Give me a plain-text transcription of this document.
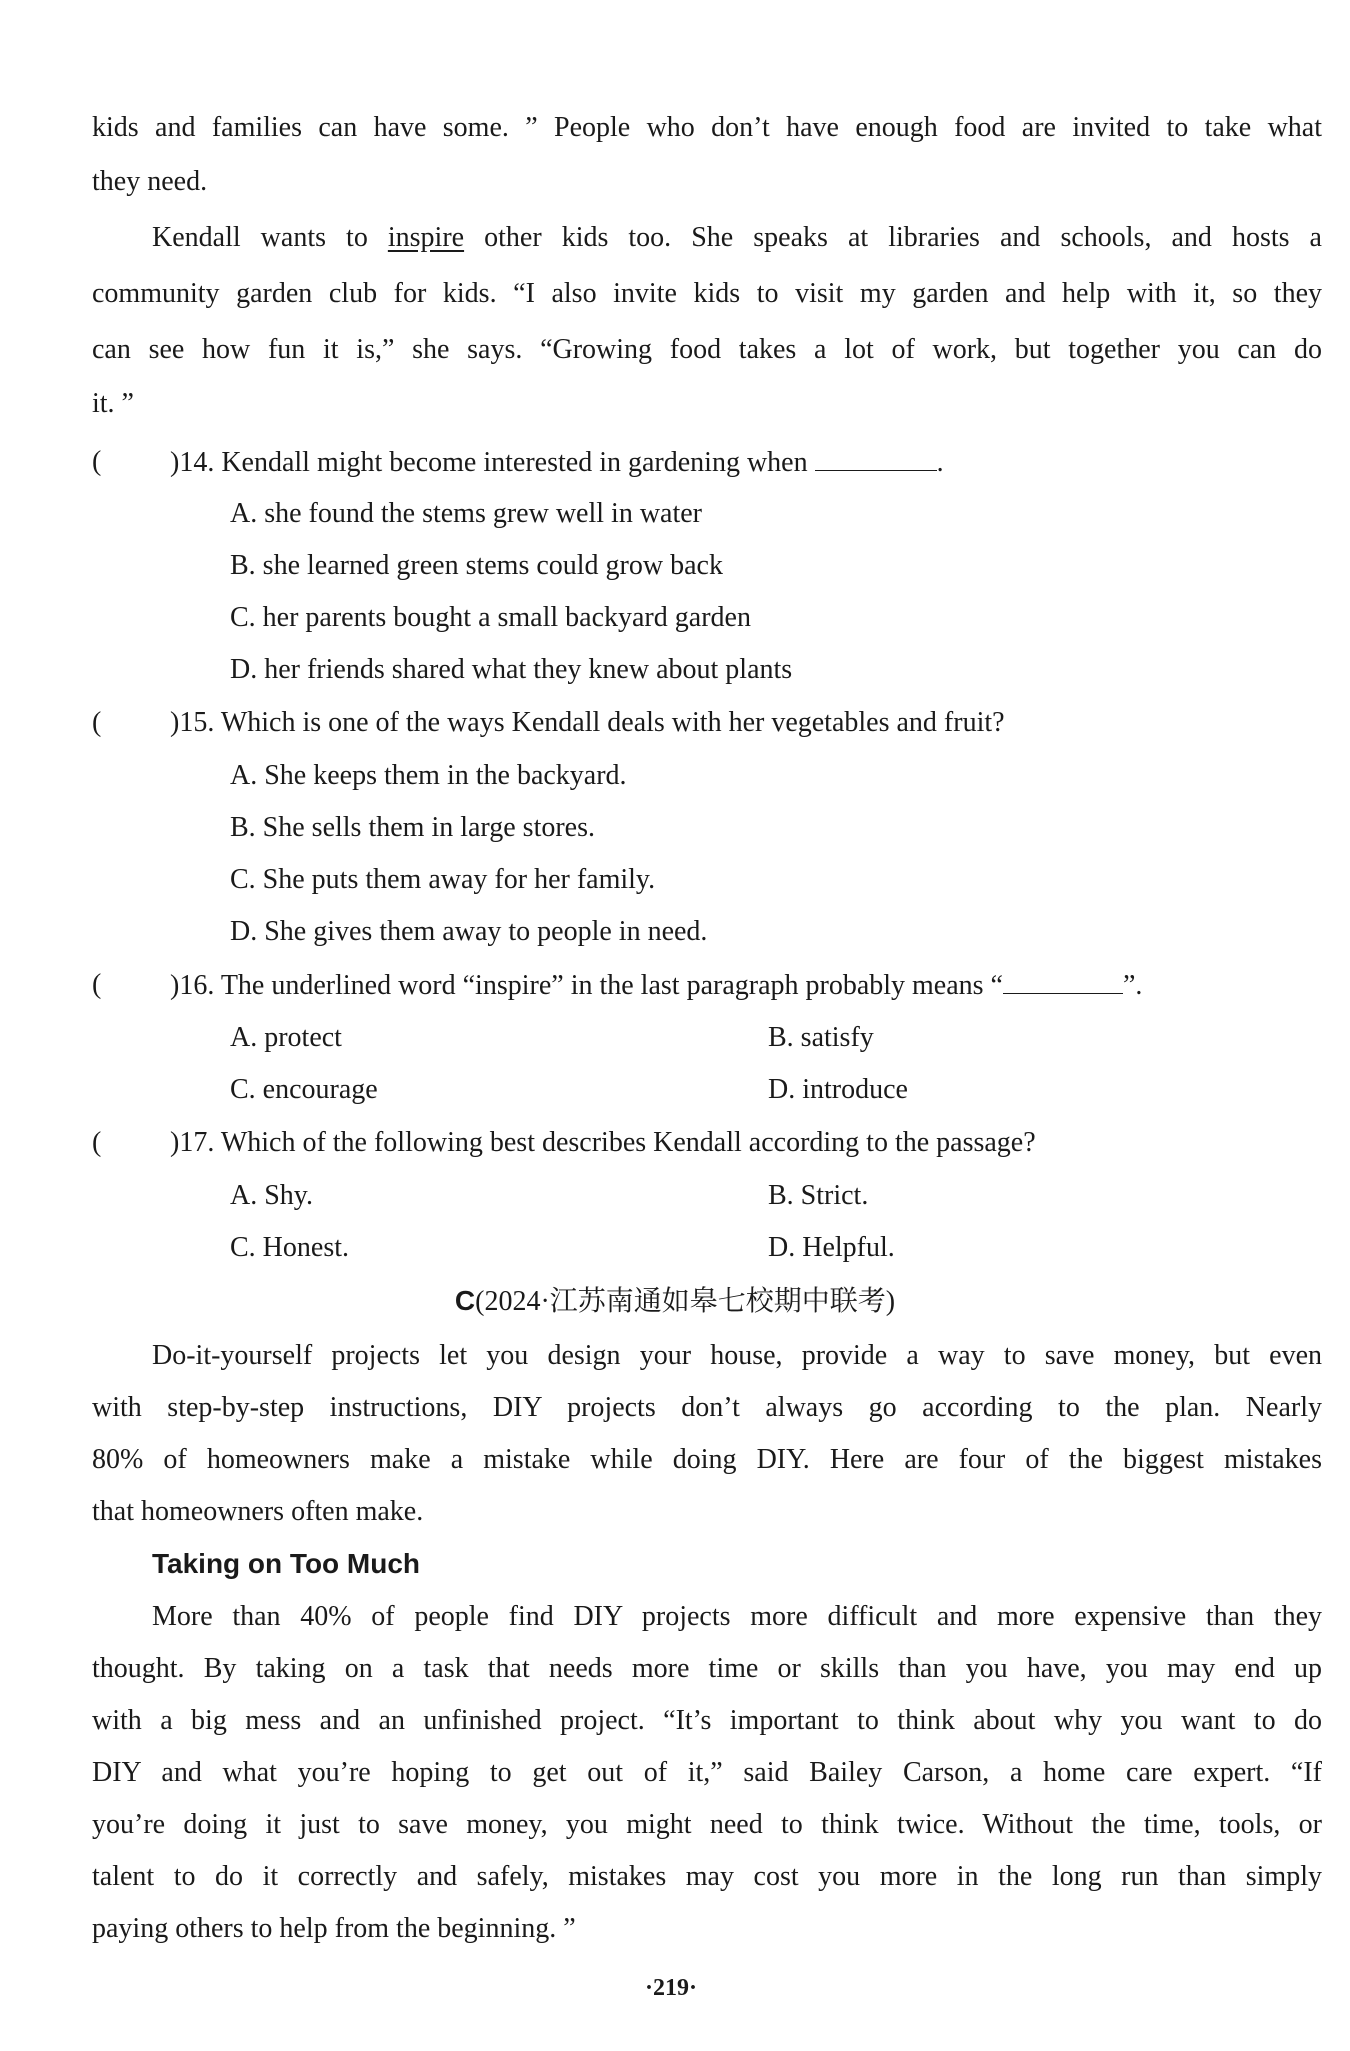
kids and families can have some. ” People who don’t have enough food are invited to take what
they need.
Kendall wants to inspire other kids too. She speaks at libraries and schools, and hosts a
community garden club for kids. “I also invite kids to visit my garden and help with it, so they
can see how fun it is,” she says. “Growing food takes a lot of work, but together you can do
it. ”
( )14. Kendall might become interested in gardening when	.
A. she found the stems grew well in water
B. she learned green stems could grow back
C. her parents bought a small backyard garden
D. her friends shared what they knew about plants
( )15. Which is one of the ways Kendall deals with her vegetables and fruit?
A. She keeps them in the backyard.
B. She sells them in large stores.
C. She puts them away for her family.
D. She gives them away to people in need.
( )16. The underlined word “inspire” in the last paragraph probably means “	”.
A. protect	B. satisfy
C. encourage	D. introduce
( )17. Which of the following best describes Kendall according to the passage?
A. Shy.	B. Strict.
C. Honest.	D. Helpful.
C(2024·江苏南通如皋七校期中联考)
Do-it-yourself projects let you design your house, provide a way to save money, but even
with step-by-step instructions, DIY projects don’t always go according to the plan. Nearly
80% of homeowners make a mistake while doing DIY. Here are four of the biggest mistakes
that homeowners often make.
Taking on Too Much
More than 40% of people find DIY projects more difficult and more expensive than they
thought. By taking on a task that needs more time or skills than you have, you may end up
with a big mess and an unfinished project. “It’s important to think about why you want to do
DIY and what you’re hoping to get out of it,” said Bailey Carson, a home care expert. “If
you’re doing it just to save money, you might need to think twice. Without the time, tools, or
talent to do it correctly and safely, mistakes may cost you more in the long run than simply
paying others to help from the beginning. ”
·219·
